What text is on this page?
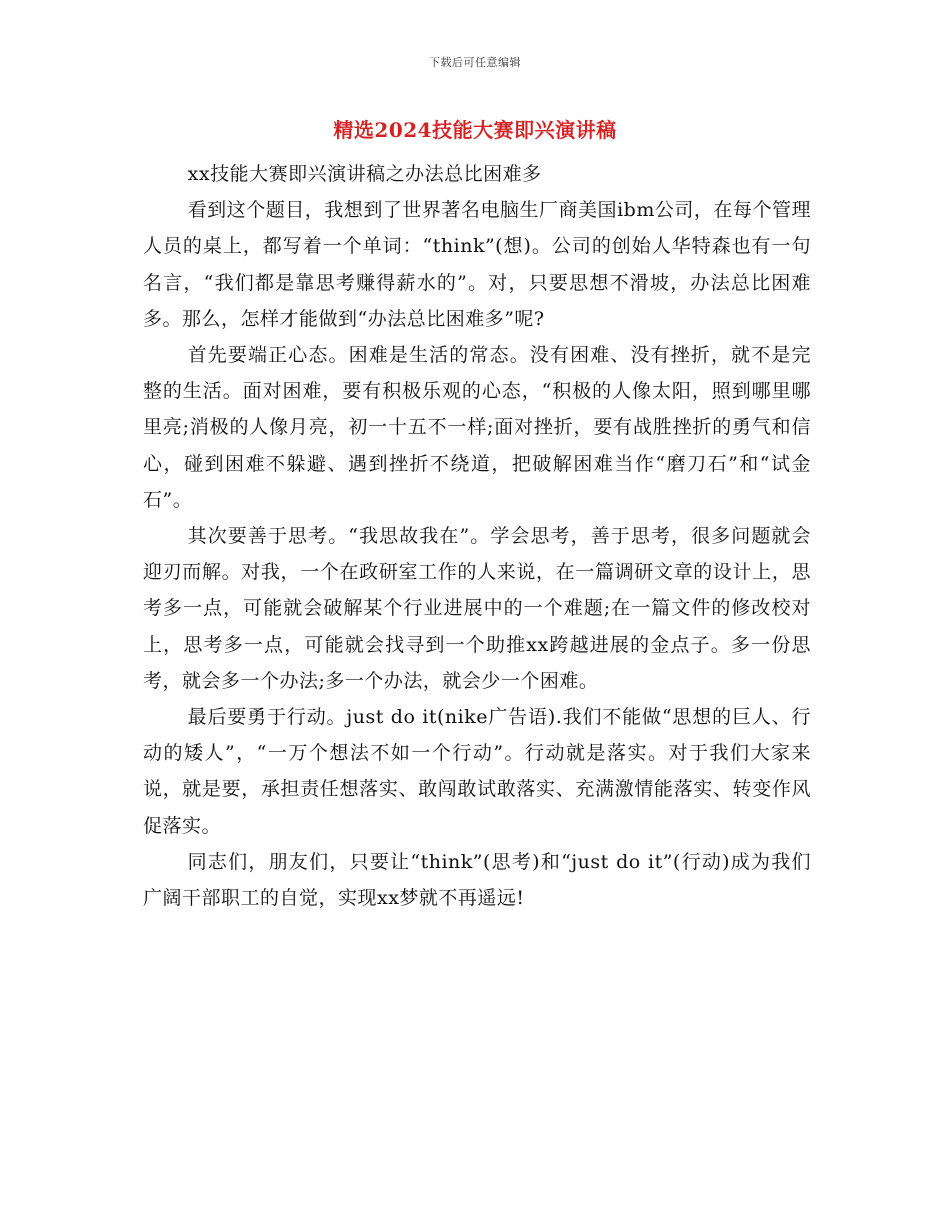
下载后可任意编辑
精选2024技能大赛即兴演讲稿

xx技能大赛即兴演讲稿之办法总比困难多

看到这个题目，我想到了世界著名电脑生厂商美国ibm公司，在每个管理人员的桌上，都写着一个单词：“think”(想)。公司的创始人华特森也有一句名言，“我们都是靠思考赚得薪水的”。对，只要思想不滑坡，办法总比困难多。那么，怎样才能做到“办法总比困难多”呢?

首先要端正心态。困难是生活的常态。没有困难、没有挫折，就不是完整的生活。面对困难，要有积极乐观的心态，“积极的人像太阳，照到哪里哪里亮;消极的人像月亮，初一十五不一样;面对挫折，要有战胜挫折的勇气和信心，碰到困难不躲避、遇到挫折不绕道，把破解困难当作“磨刀石”和“试金石”。

其次要善于思考。“我思故我在”。学会思考，善于思考，很多问题就会迎刃而解。对我，一个在政研室工作的人来说，在一篇调研文章的设计上，思考多一点，可能就会破解某个行业进展中的一个难题;在一篇文件的修改校对上，思考多一点，可能就会找寻到一个助推xx跨越进展的金点子。多一份思考，就会多一个办法;多一个办法，就会少一个困难。

最后要勇于行动。just do it(nike广告语).我们不能做“思想的巨人、行动的矮人”，“一万个想法不如一个行动”。行动就是落实。对于我们大家来说，就是要，承担责任想落实、敢闯敢试敢落实、充满激情能落实、转变作风促落实。

同志们，朋友们，只要让“think”(思考)和“just do it”(行动)成为我们广阔干部职工的自觉，实现xx梦就不再遥远!
